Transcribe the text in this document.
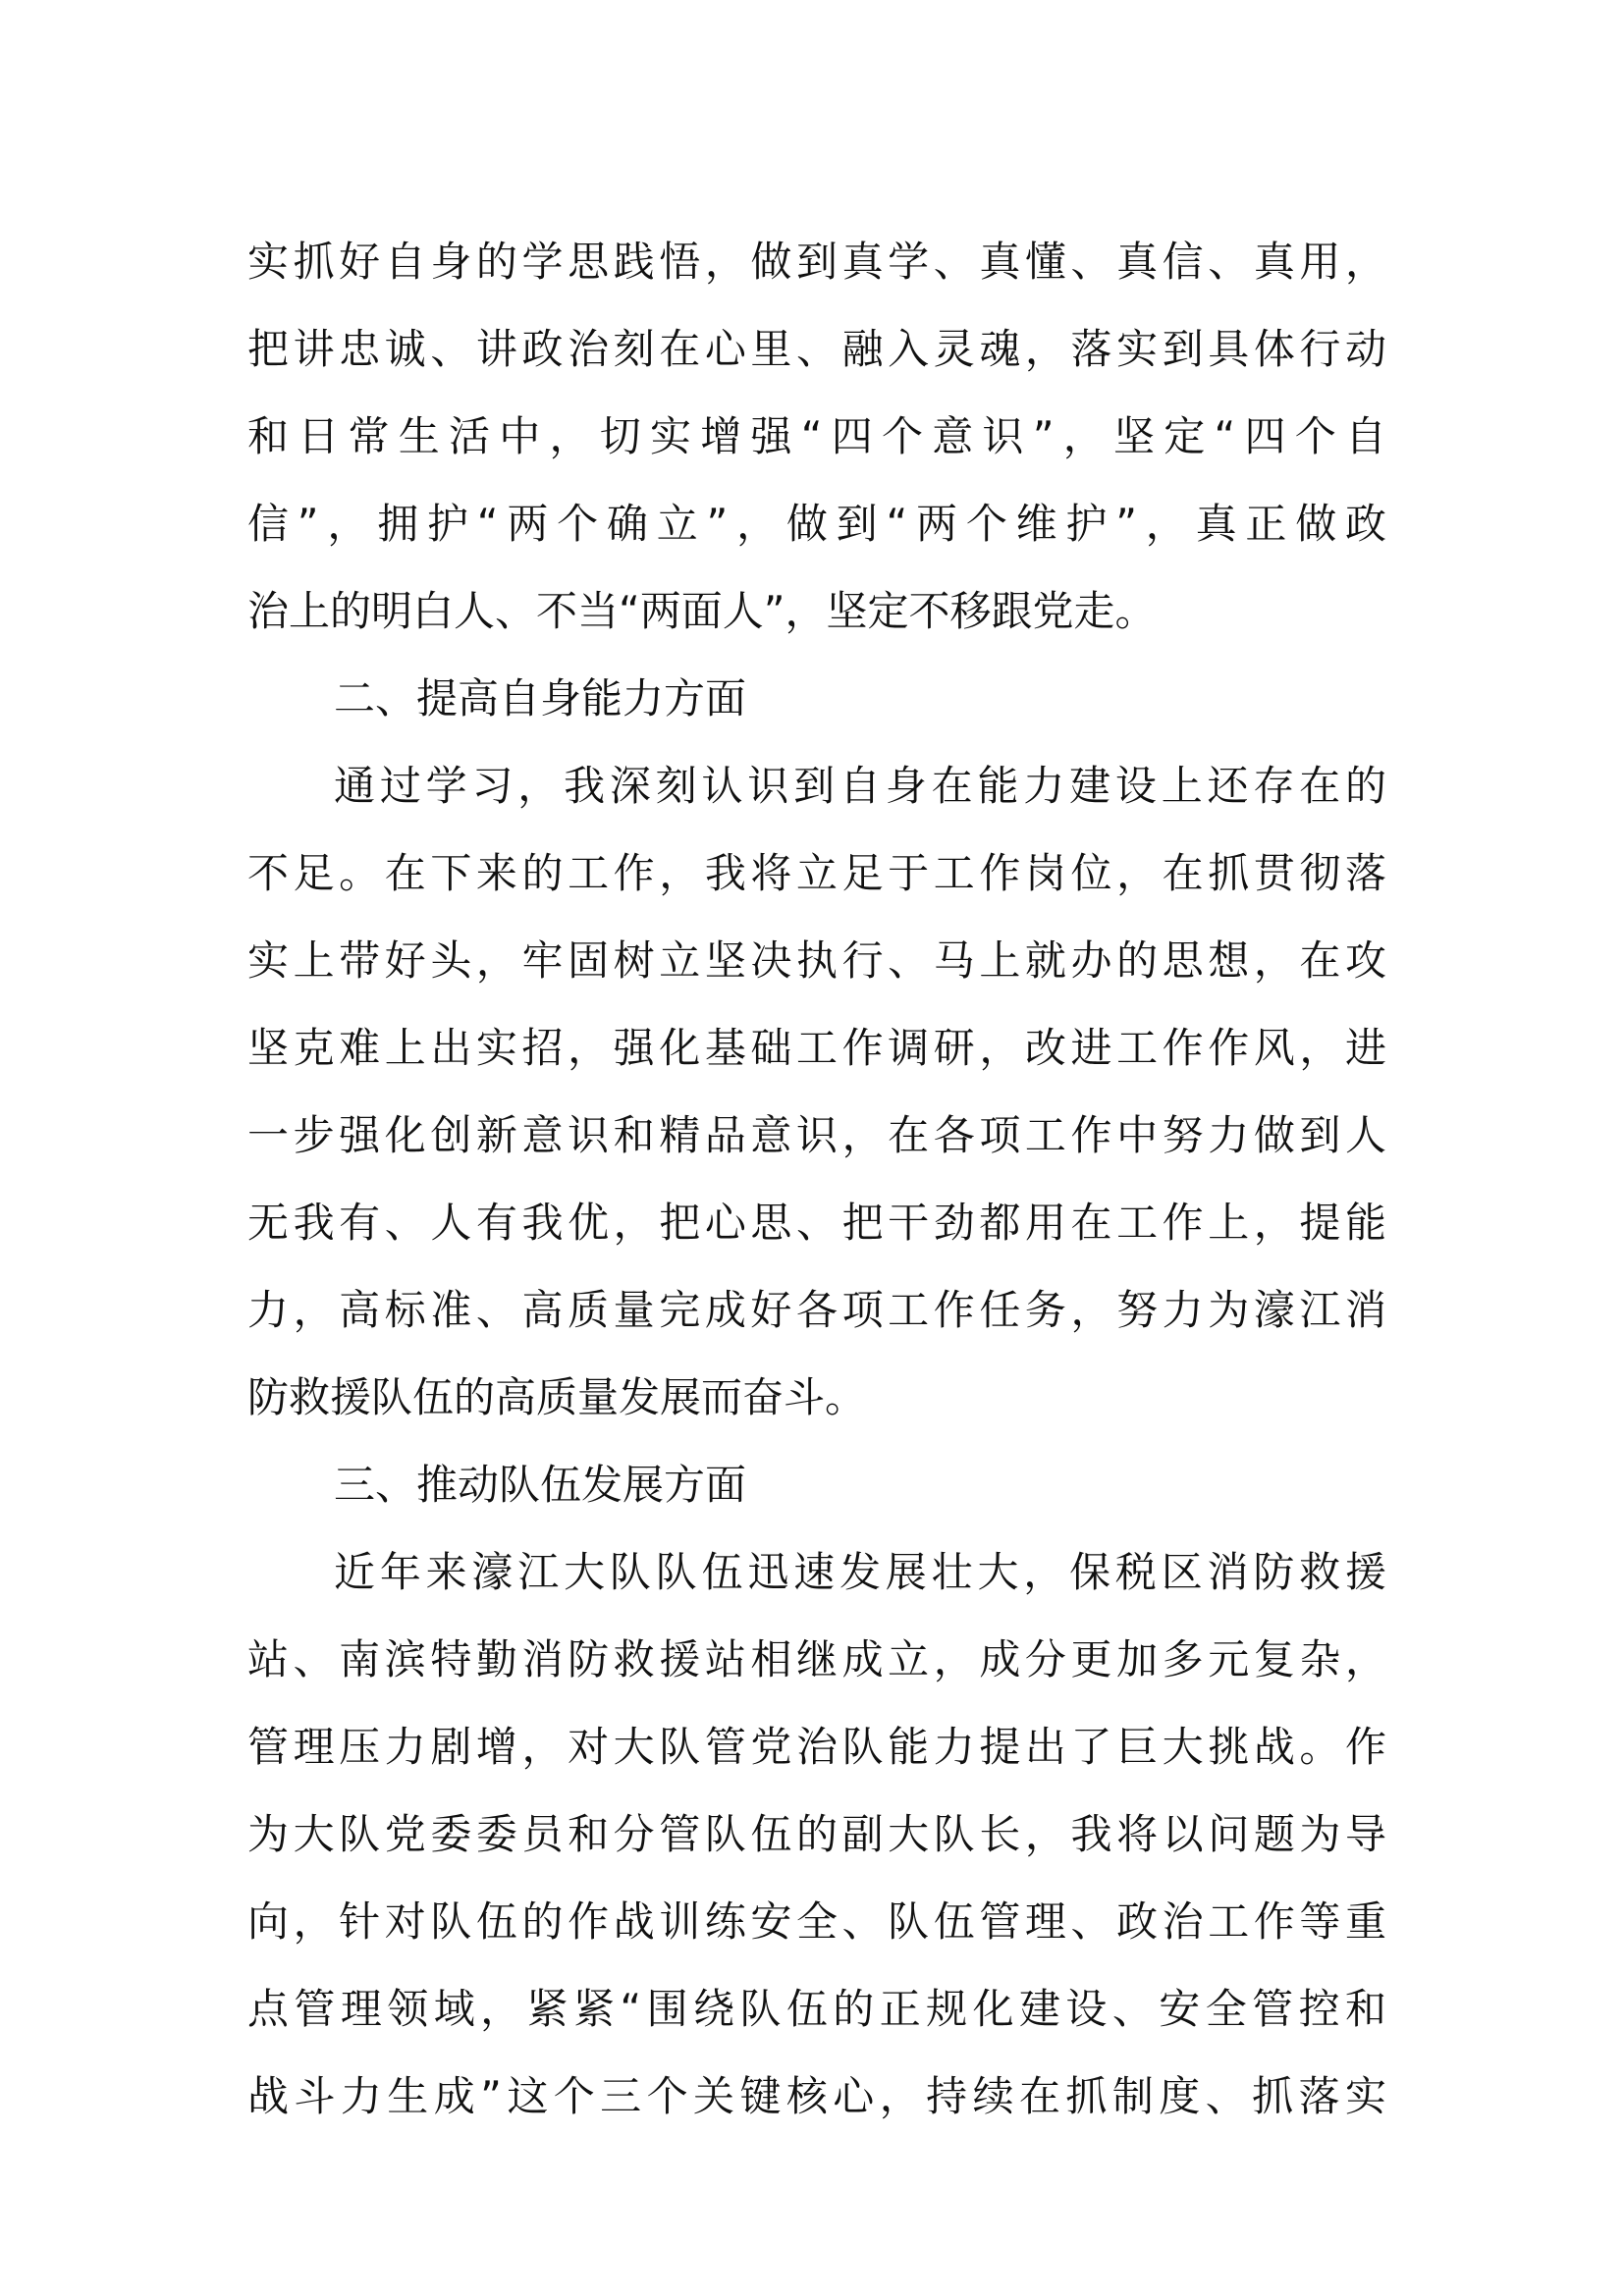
实抓好自身的学思践悟，做到真学、真懂、真信、真用，
把讲忠诚、讲政治刻在心里、融入灵魂，落实到具体行动
和日常生活中，切实增强“四个意识”，坚定“四个自
信”，拥护“两个确立”，做到“两个维护”，真正做政
治上的明白人、不当“两面人”，坚定不移跟党走。
二、提高自身能力方面
通过学习，我深刻认识到自身在能力建设上还存在的
不足。在下来的工作，我将立足于工作岗位，在抓贯彻落
实上带好头，牢固树立坚决执行、马上就办的思想，在攻
坚克难上出实招，强化基础工作调研，改进工作作风，进
一步强化创新意识和精品意识，在各项工作中努力做到人
无我有、人有我优，把心思、把干劲都用在工作上，提能
力，高标准、高质量完成好各项工作任务，努力为濠江消
防救援队伍的高质量发展而奋斗。
三、推动队伍发展方面
近年来濠江大队队伍迅速发展壮大，保税区消防救援
站、南滨特勤消防救援站相继成立，成分更加多元复杂，
管理压力剧增，对大队管党治队能力提出了巨大挑战。作
为大队党委委员和分管队伍的副大队长，我将以问题为导
向，针对队伍的作战训练安全、队伍管理、政治工作等重
点管理领域，紧紧“围绕队伍的正规化建设、安全管控和
战斗力生成”这个三个关键核心，持续在抓制度、抓落实
